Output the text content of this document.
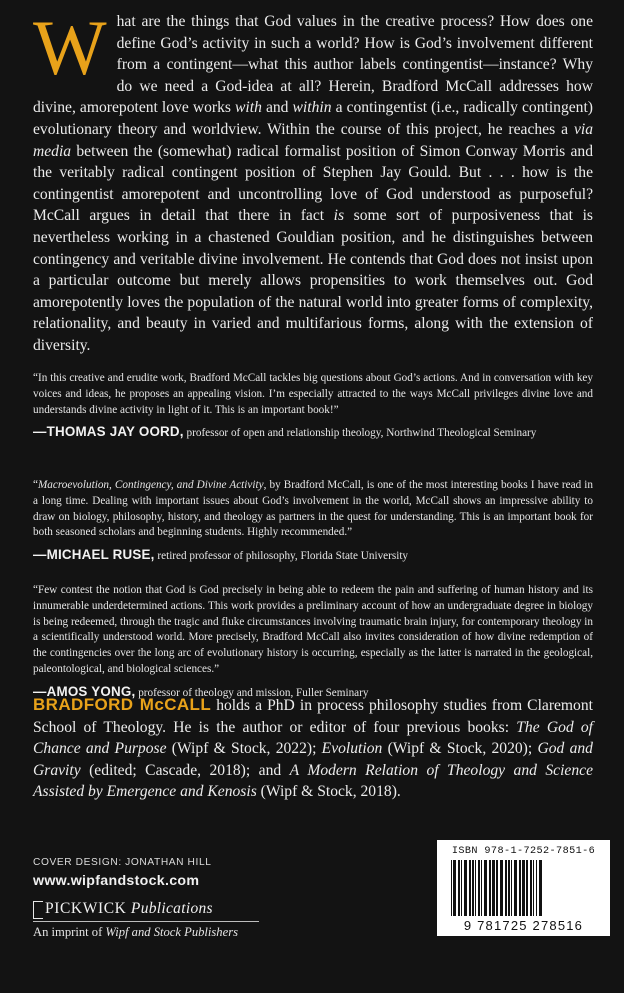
What are the things that God values in the creative process? How does one define God’s activity in such a world? How is God’s involvement different from a contingent—what this author labels contingentist—instance? Why do we need a God-idea at all? Herein, Bradford McCall addresses how divine, amorepotent love works with and within a contingentist (i.e., radically contingent) evolutionary theory and worldview. Within the course of this project, he reaches a via media between the (somewhat) radical formalist position of Simon Conway Morris and the veritably radical contingent position of Stephen Jay Gould. But . . . how is the contingentist amorepotent and uncontrolling love of God understood as purposeful? McCall argues in detail that there in fact is some sort of purposiveness that is nevertheless working in a chastened Gouldian position, and he distinguishes between contingency and veritable divine involvement. He contends that God does not insist upon a particular outcome but merely allows propensities to work themselves out. God amorepotently loves the population of the natural world into greater forms of complexity, relationality, and beauty in varied and multifarious forms, along with the extension of diversity.
“In this creative and erudite work, Bradford McCall tackles big questions about God’s actions. And in conversation with key voices and ideas, he proposes an appealing vision. I’m especially attracted to the ways McCall privileges divine love and understands divine activity in light of it. This is an important book!”
—THOMAS JAY OORD, professor of open and relationship theology, Northwind Theological Seminary
“Macroevolution, Contingency, and Divine Activity, by Bradford McCall, is one of the most interesting books I have read in a long time. Dealing with important issues about God’s involvement in the world, McCall shows an impressive ability to draw on biology, philosophy, history, and theology as partners in the quest for understanding. This is an important book for both seasoned scholars and beginning students. Highly recommended.”
—MICHAEL RUSE, retired professor of philosophy, Florida State University
“Few contest the notion that God is God precisely in being able to redeem the pain and suffering of human history and its innumerable underdetermined actions. This work provides a preliminary account of how an undergraduate degree in biology is being redeemed, through the tragic and fluke circumstances involving traumatic brain injury, for contemporary theology in a scientifically understood world. More precisely, Bradford McCall also invites consideration of how divine redemption of the contingencies over the long arc of evolutionary history is occurring, especially as the latter is narrated in the geological, paleontological, and biological sciences.”
—AMOS YONG, professor of theology and mission, Fuller Seminary
BRADFORD McCALL holds a PhD in process philosophy studies from Claremont School of Theology. He is the author or editor of four previous books: The God of Chance and Purpose (Wipf & Stock, 2022); Evolution (Wipf & Stock, 2020); God and Gravity (edited; Cascade, 2018); and A Modern Relation of Theology and Science Assisted by Emergence and Kenosis (Wipf & Stock, 2018).
COVER DESIGN: JONATHAN HILL
www.wipfandstock.com
PICKWICK Publications
An imprint of Wipf and Stock Publishers
ISBN 978-1-7252-7851-6
9 781725 278516
